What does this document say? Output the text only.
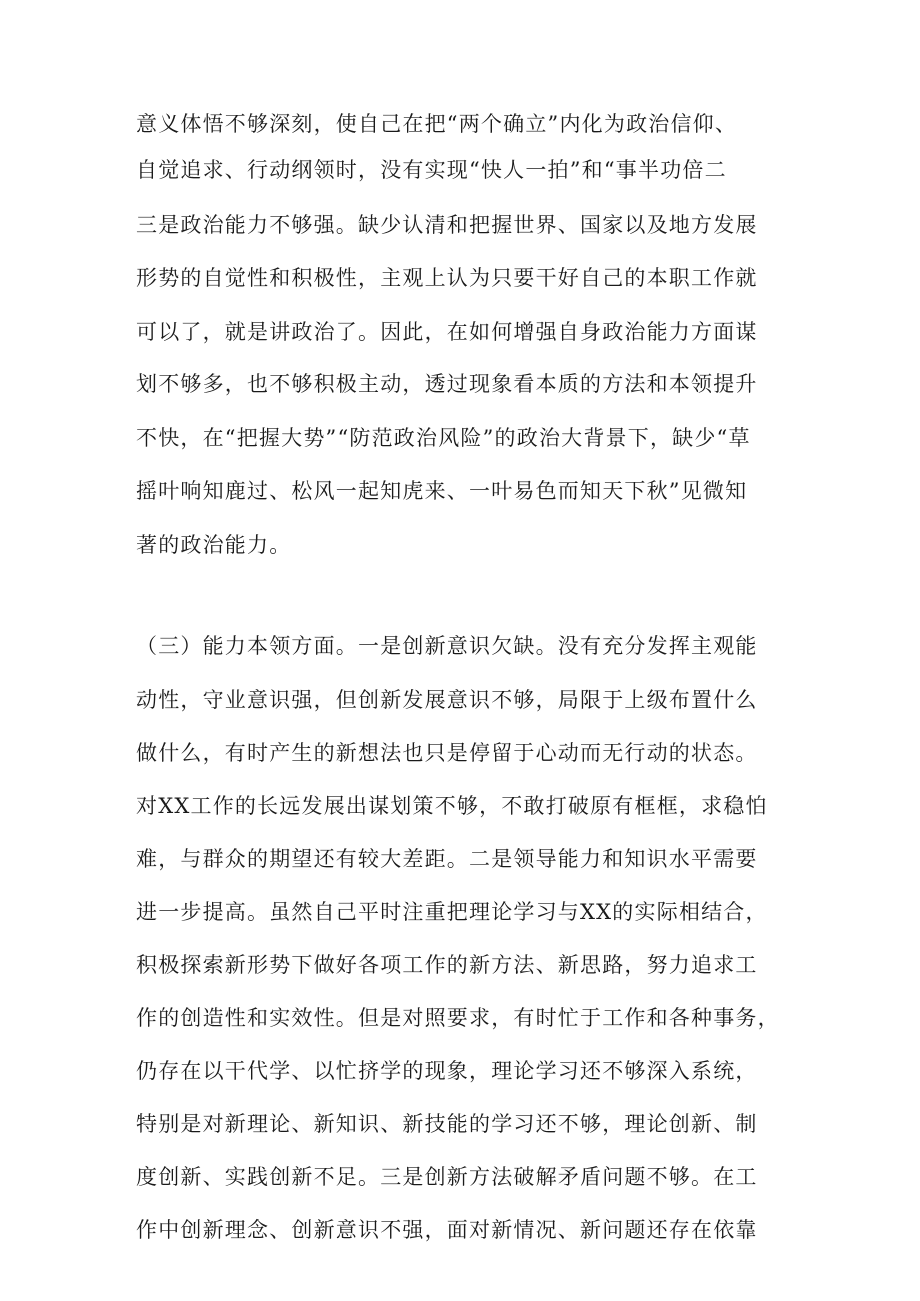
意义体悟不够深刻，使自己在把“两个确立”内化为政治信仰、
自觉追求、行动纲领时，没有实现“快人一拍”和“事半功倍二
三是政治能力不够强。缺少认清和把握世界、国家以及地方发展
形势的自觉性和积极性，主观上认为只要干好自己的本职工作就
可以了，就是讲政治了。因此，在如何增强自身政治能力方面谋
划不够多，也不够积极主动，透过现象看本质的方法和本领提升
不快，在“把握大势”“防范政治风险”的政治大背景下，缺少“草
摇叶响知鹿过、松风一起知虎来、一叶易色而知天下秋”见微知
著的政治能力。
（三）能力本领方面。一是创新意识欠缺。没有充分发挥主观能
动性，守业意识强，但创新发展意识不够，局限于上级布置什么
做什么，有时产生的新想法也只是停留于心动而无行动的状态。
对XX工作的长远发展出谋划策不够，不敢打破原有框框，求稳怕
难，与群众的期望还有较大差距。二是领导能力和知识水平需要
进一步提高。虽然自己平时注重把理论学习与XX的实际相结合，
积极探索新形势下做好各项工作的新方法、新思路，努力追求工
作的创造性和实效性。但是对照要求，有时忙于工作和各种事务，
仍存在以干代学、以忙挤学的现象，理论学习还不够深入系统，
特别是对新理论、新知识、新技能的学习还不够，理论创新、制
度创新、实践创新不足。三是创新方法破解矛盾问题不够。在工
作中创新理念、创新意识不强，面对新情况、新问题还存在依靠
